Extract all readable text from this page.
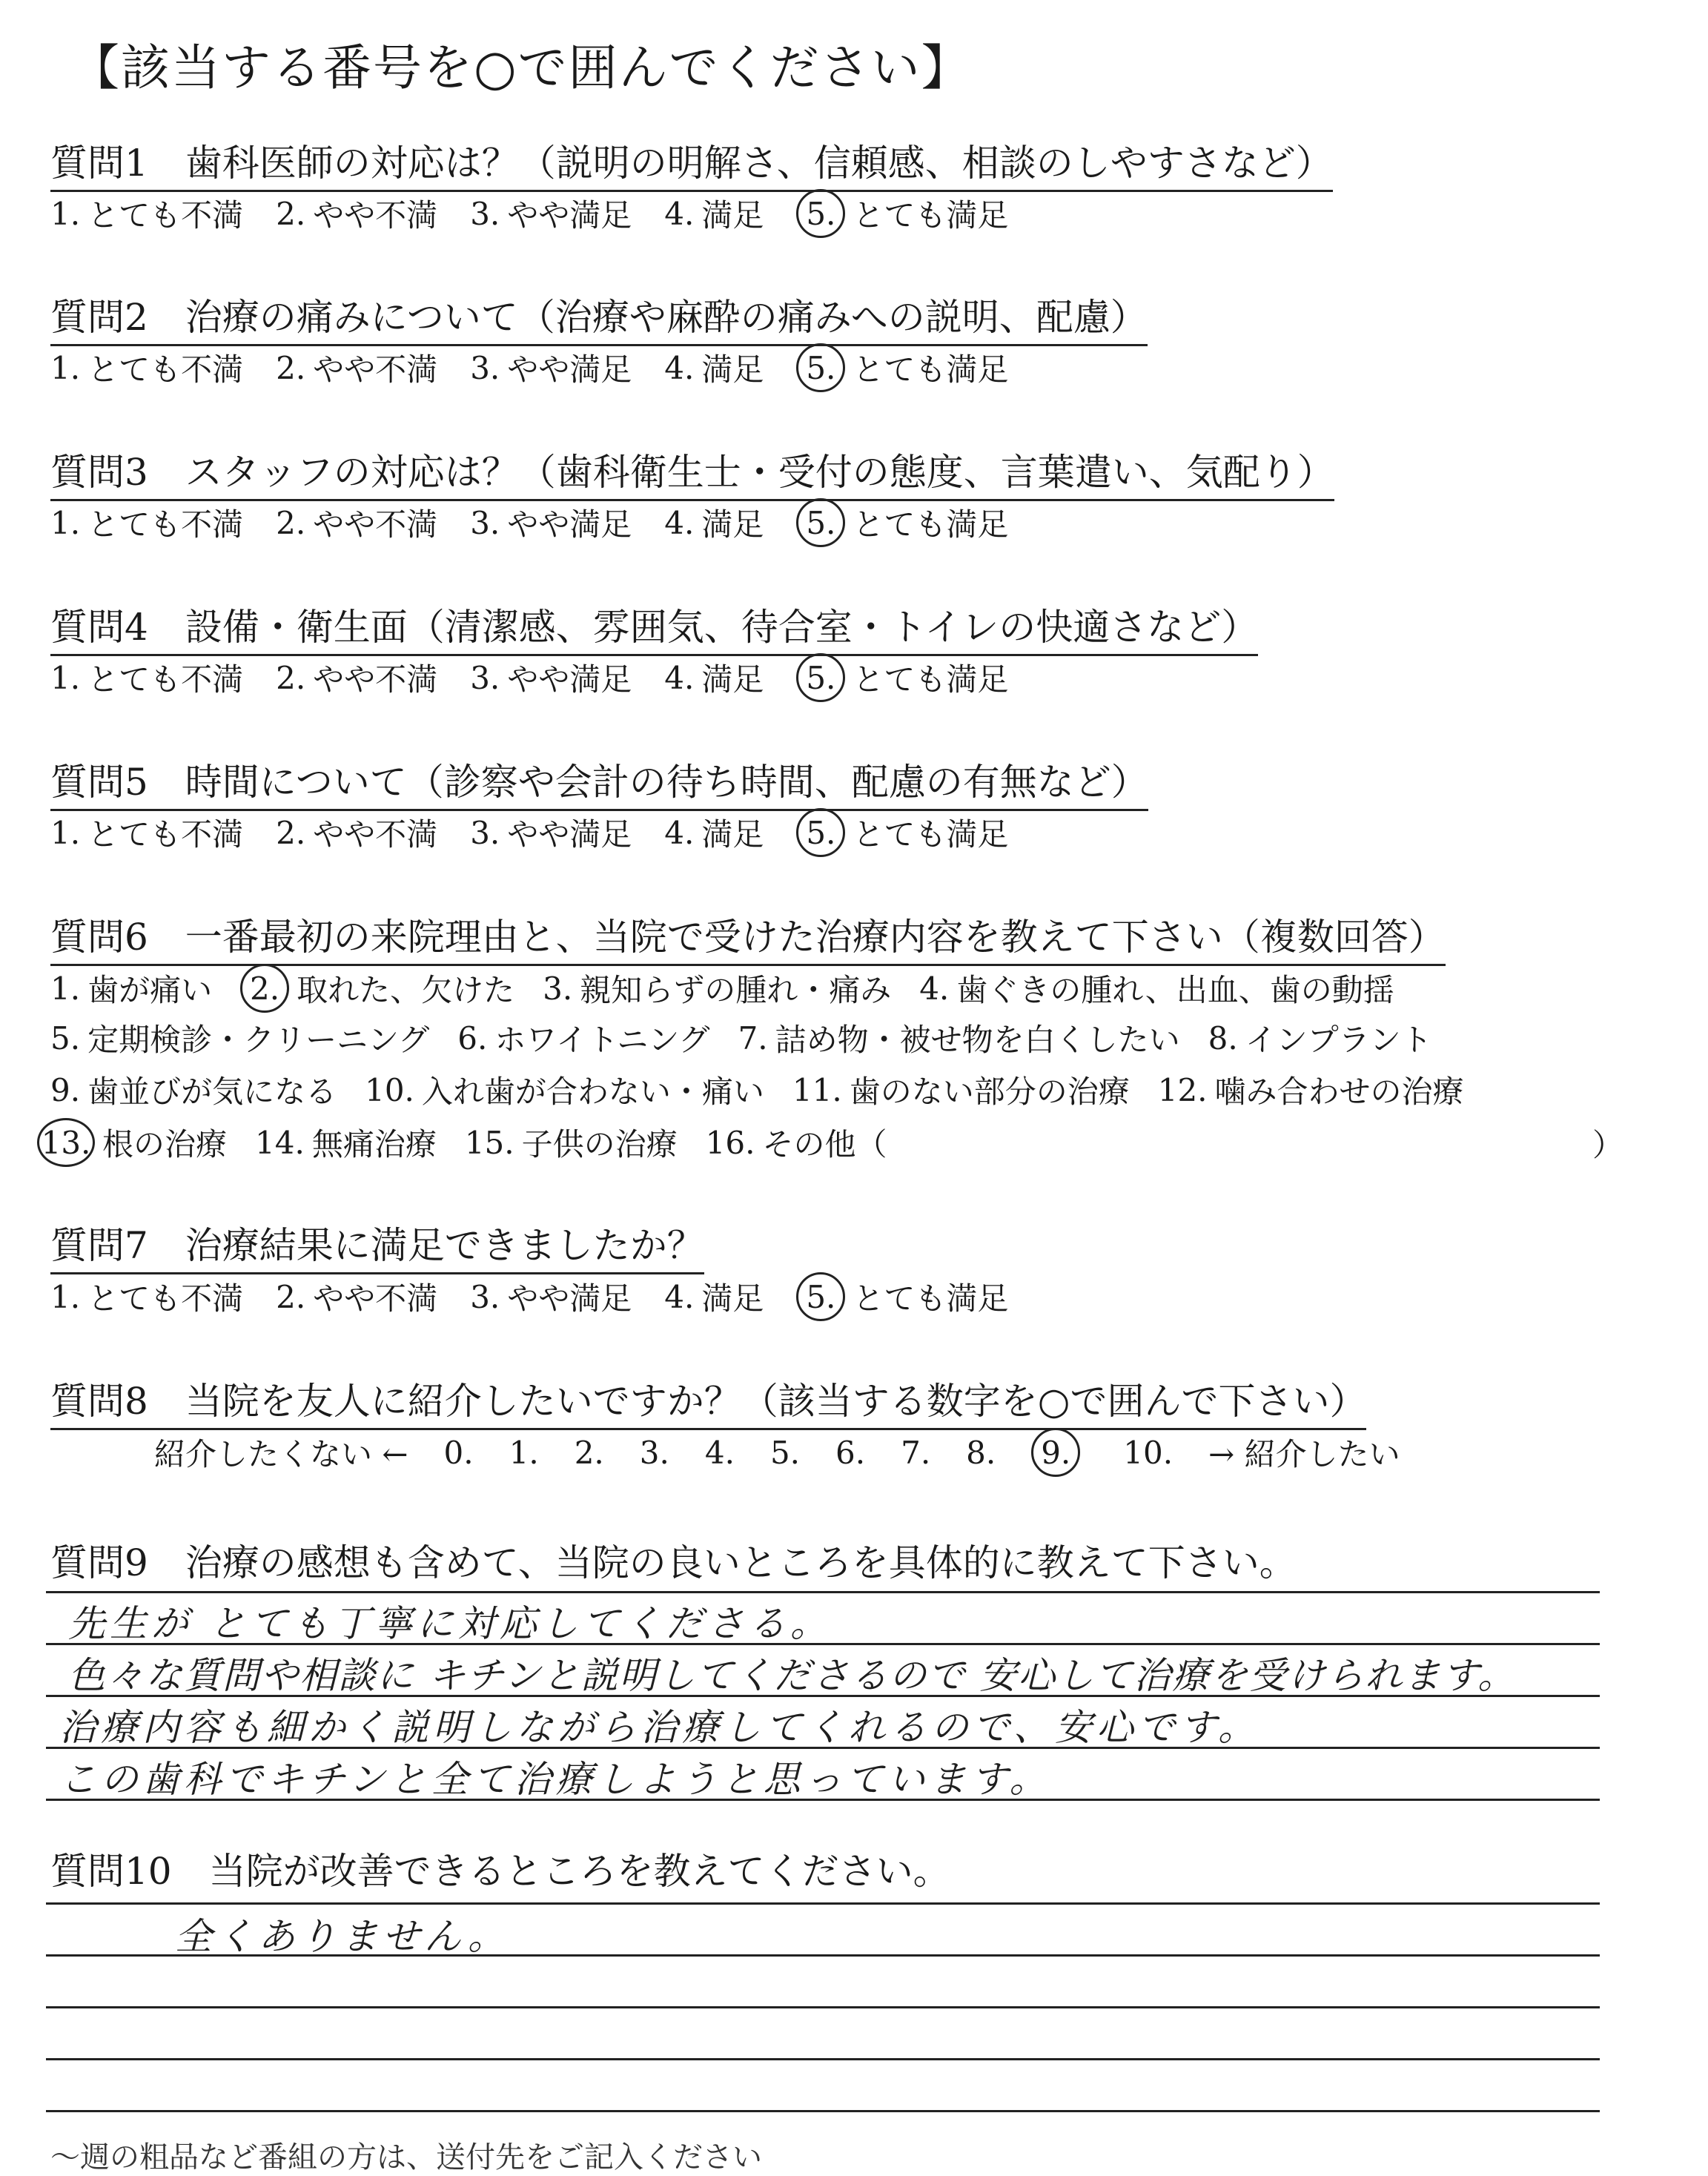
【該当する番号を○で囲んでください】
質問1　歯科医師の対応は？（説明の明解さ、信頼感、相談のしやすさなど）
1. とても不満 2. やや不満 3. やや満足 4. 満足	5. とても満足
質問2　治療の痛みについて（治療や麻酔の痛みへの説明、配慮）
1. とても不満 2. やや不満 3. やや満足 4. 満足	5. とても満足
質問3　スタッフの対応は？（歯科衛生士・受付の態度、言葉遣い、気配り）
1. とても不満 2. やや不満 3. やや満足 4. 満足	5. とても満足
質問4　設備・衛生面（清潔感、雰囲気、待合室・トイレの快適さなど）
1. とても不満 2. やや不満 3. やや満足 4. 満足	5. とても満足
質問5　時間について（診察や会計の待ち時間、配慮の有無など）
1. とても不満 2. やや不満 3. やや満足 4. 満足	5. とても満足
質問6　一番最初の来院理由と、当院で受けた治療内容を教えて下さい（複数回答）
1. 歯が痛い	2. 取れた、欠けた 3. 親知らずの腫れ・痛み 4. 歯ぐきの腫れ、出血、歯の動揺
5. 定期検診・クリーニング 6. ホワイトニング 7. 詰め物・被せ物を白くしたい 8. インプラント
9. 歯並びが気になる 10. 入れ歯が合わない・痛い 11. 歯のない部分の治療 12. 噛み合わせの治療
13. 根の治療 14. 無痛治療 15. 子供の治療 16. その他（	）
質問7　治療結果に満足できましたか？
1. とても不満 2. やや不満 3. やや満足 4. 満足	5. とても満足
質問8　当院を友人に紹介したいですか？（該当する数字を○で囲んで下さい）
紹介したくない ← 0. 1. 2. 3. 4. 5. 6. 7. 8.	9.	10. → 紹介したい
質問9　治療の感想も含めて、当院の良いところを具体的に教えて下さい。
先生が とても丁寧に対応してくださる。
色々な質問や相談に キチンと説明してくださるので 安心して治療を受けられます。
治療内容も細かく説明しながら治療してくれるので、安心です。
この歯科でキチンと全て治療しようと思っています。
質問10　当院が改善できるところを教えてください。
全くありません。
〜週の粗品など番組の方は、送付先をご記入ください
